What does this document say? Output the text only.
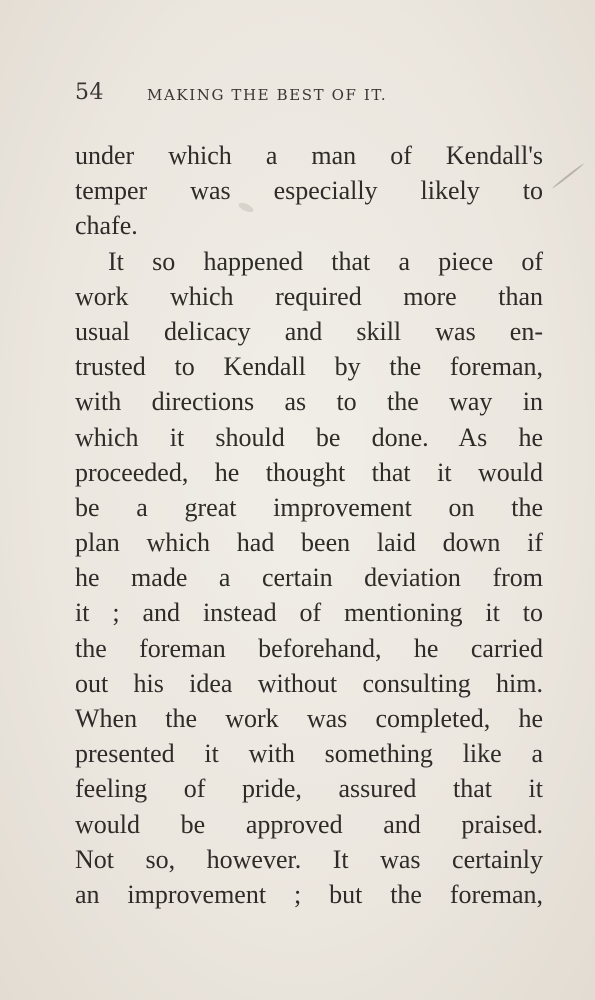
54	MAKING THE BEST OF IT.
under which a man of Kendall's
temper was especially likely to
chafe.
It so happened that a piece of
work which required more than
usual delicacy and skill was en-
trusted to Kendall by the foreman,
with directions as to the way in
which it should be done. As he
proceeded, he thought that it would
be a great improvement on the
plan which had been laid down if
he made a certain deviation from
it ; and instead of mentioning it to
the foreman beforehand, he carried
out his idea without consulting him.
When the work was completed, he
presented it with something like a
feeling of pride, assured that it
would be approved and praised.
Not so, however. It was certainly
an improvement ; but the foreman,
